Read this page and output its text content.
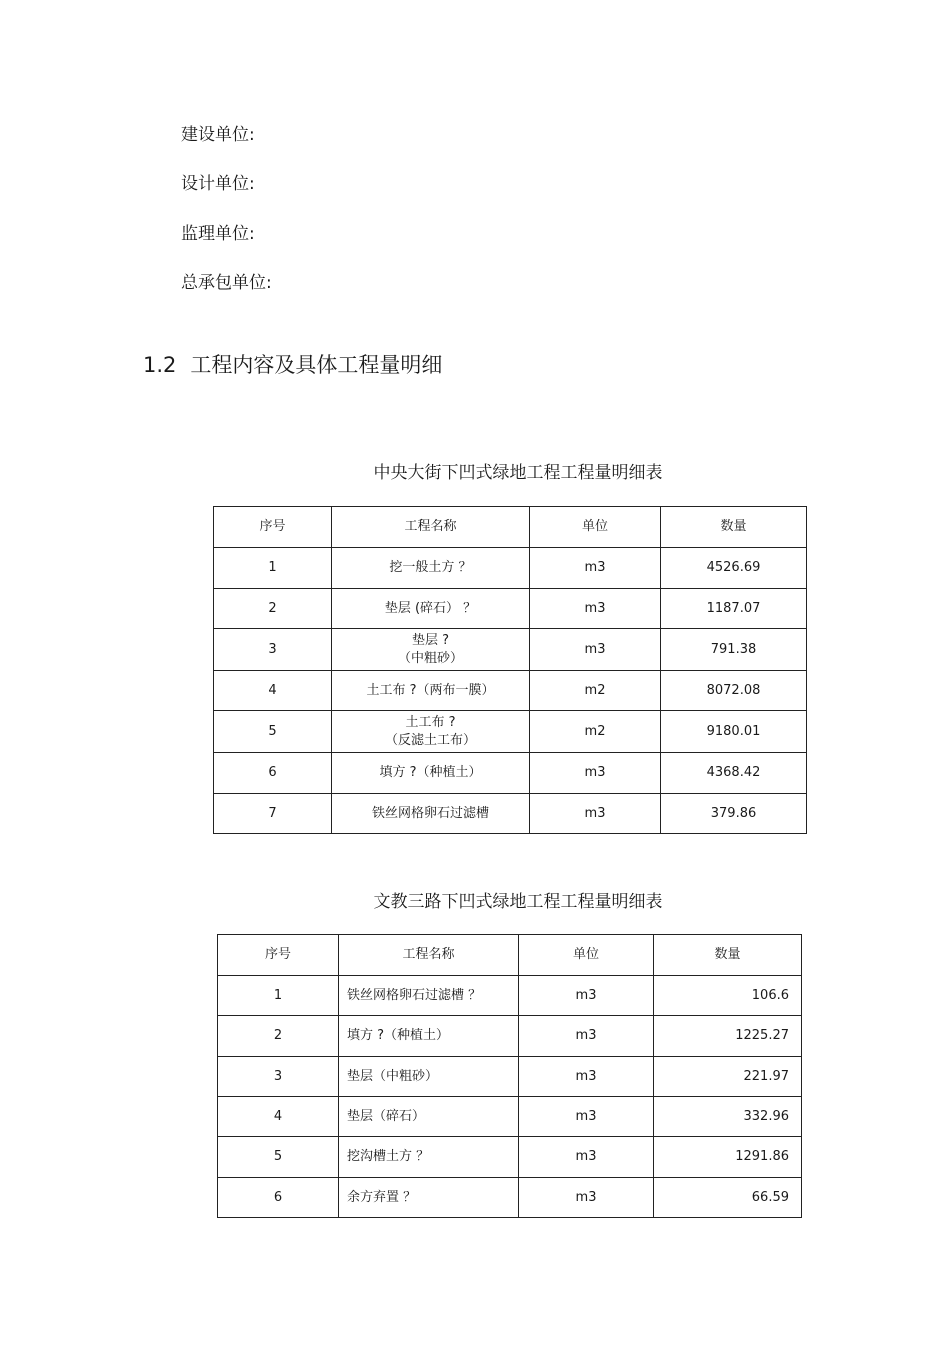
建设单位:
设计单位:
监理单位:
总承包单位:
1.2 工程内容及具体工程量明细
中央大街下凹式绿地工程工程量明细表
序号	工程名称	单位	数量
1	挖一般土方 ？	m3	4526.69
2	垫层 (碎石） ？	m3	1187.07
3	垫层 ?
（中粗砂）	m3	791.38
4	土工布 ?（两布一膜）	m2	8072.08
5	土工布 ?
（反滤土工布）	m2	9180.01
6	填方 ?（种植土）	m3	4368.42
7	铁丝网格卵石过滤槽	m3	379.86
文教三路下凹式绿地工程工程量明细表
序号	工程名称	单位	数量
1	铁丝网格卵石过滤槽 ？	m3	106.6
2	填方 ?（种植土）	m3	1225.27
3	垫层（中粗砂）	m3	221.97
4	垫层（碎石）	m3	332.96
5	挖沟槽土方 ？	m3	1291.86
6	余方弃置 ？	m3	66.59
